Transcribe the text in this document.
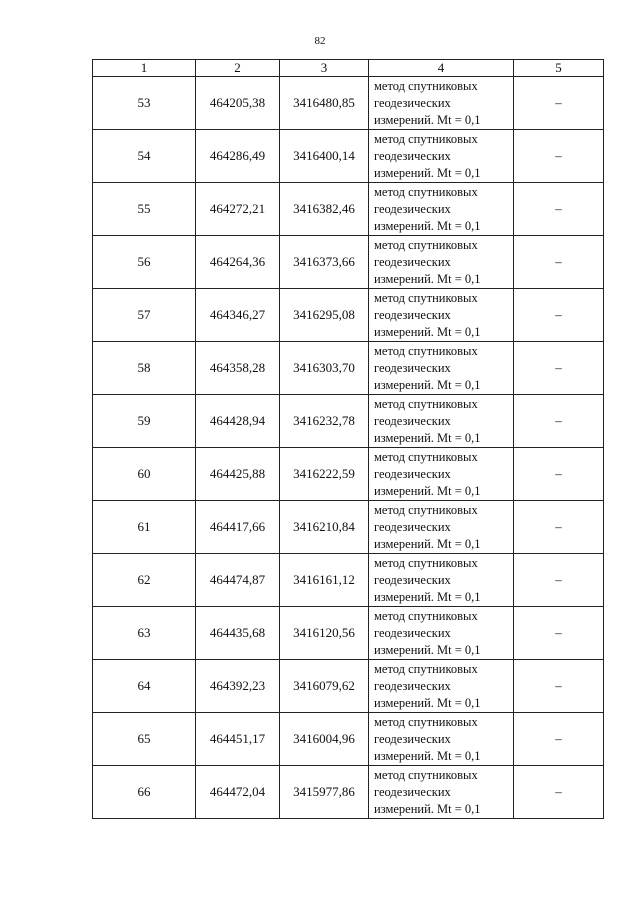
82
1	2	3	4	5
53	464205,38	3416480,85	метод спутниковых
геодезических
измерений. Mt = 0,1	–
54	464286,49	3416400,14	метод спутниковых
геодезических
измерений. Mt = 0,1	–
55	464272,21	3416382,46	метод спутниковых
геодезических
измерений. Mt = 0,1	–
56	464264,36	3416373,66	метод спутниковых
геодезических
измерений. Mt = 0,1	–
57	464346,27	3416295,08	метод спутниковых
геодезических
измерений. Mt = 0,1	–
58	464358,28	3416303,70	метод спутниковых
геодезических
измерений. Mt = 0,1	–
59	464428,94	3416232,78	метод спутниковых
геодезических
измерений. Mt = 0,1	–
60	464425,88	3416222,59	метод спутниковых
геодезических
измерений. Mt = 0,1	–
61	464417,66	3416210,84	метод спутниковых
геодезических
измерений. Mt = 0,1	–
62	464474,87	3416161,12	метод спутниковых
геодезических
измерений. Mt = 0,1	–
63	464435,68	3416120,56	метод спутниковых
геодезических
измерений. Mt = 0,1	–
64	464392,23	3416079,62	метод спутниковых
геодезических
измерений. Mt = 0,1	–
65	464451,17	3416004,96	метод спутниковых
геодезических
измерений. Mt = 0,1	–
66	464472,04	3415977,86	метод спутниковых
геодезических
измерений. Mt = 0,1	–
